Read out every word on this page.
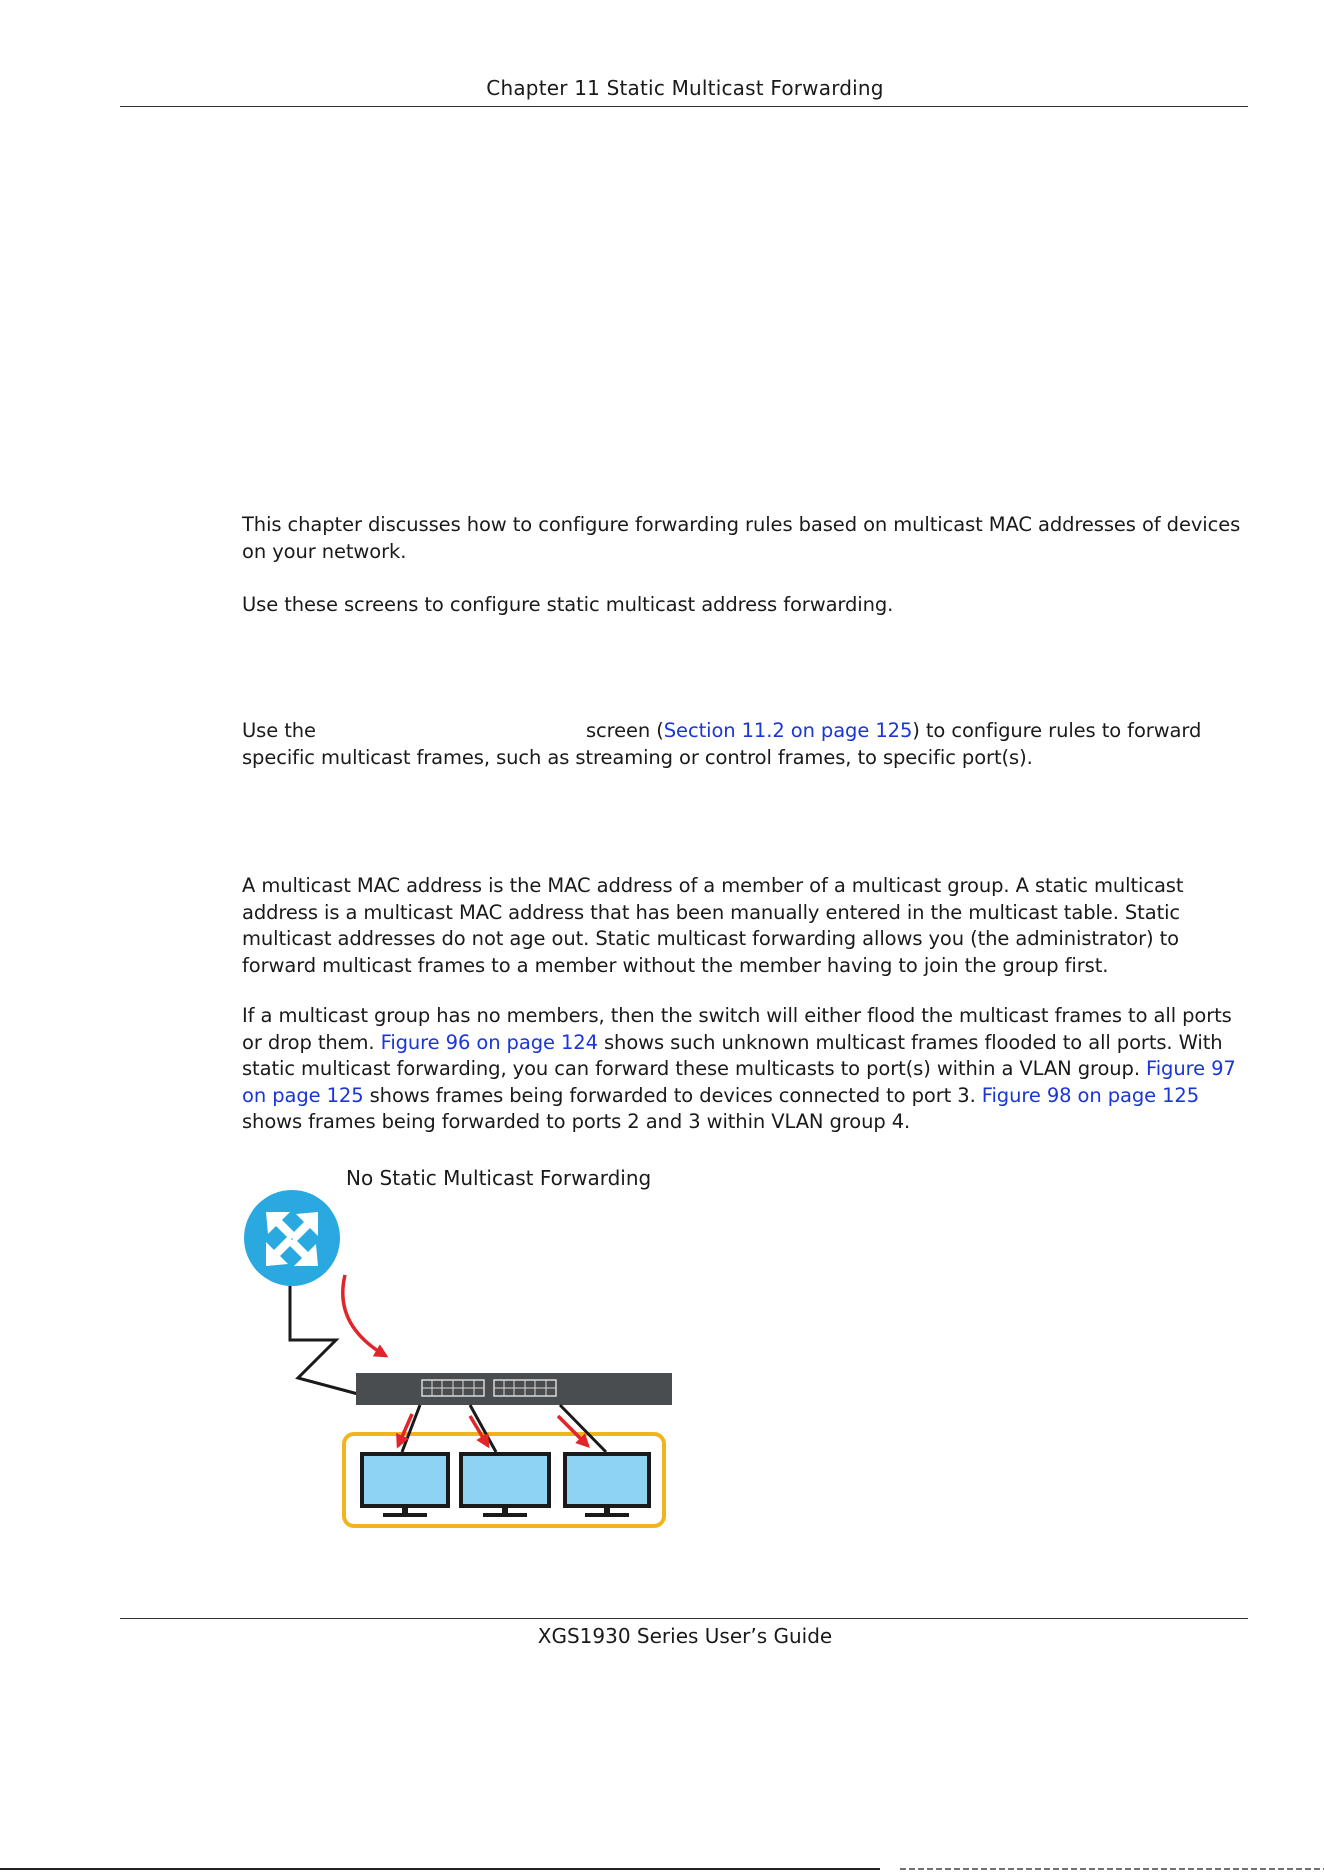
Chapter 11 Static Multicast Forwarding

This chapter discusses how to configure forwarding rules based on multicast MAC addresses of devices on your network.

Use these screens to configure static multicast address forwarding.

Use the	screen (Section 11.2 on page 125) to configure rules to forward specific multicast frames, such as streaming or control frames, to specific port(s).

A multicast MAC address is the MAC address of a member of a multicast group. A static multicast address is a multicast MAC address that has been manually entered in the multicast table. Static multicast addresses do not age out. Static multicast forwarding allows you (the administrator) to forward multicast frames to a member without the member having to join the group first.

If a multicast group has no members, then the switch will either flood the multicast frames to all ports or drop them. Figure 96 on page 124 shows such unknown multicast frames flooded to all ports. With static multicast forwarding, you can forward these multicasts to port(s) within a VLAN group. Figure 97 on page 125 shows frames being forwarded to devices connected to port 3. Figure 98 on page 125 shows frames being forwarded to ports 2 and 3 within VLAN group 4.

No Static Multicast Forwarding
XGS1930 Series User’s Guide
